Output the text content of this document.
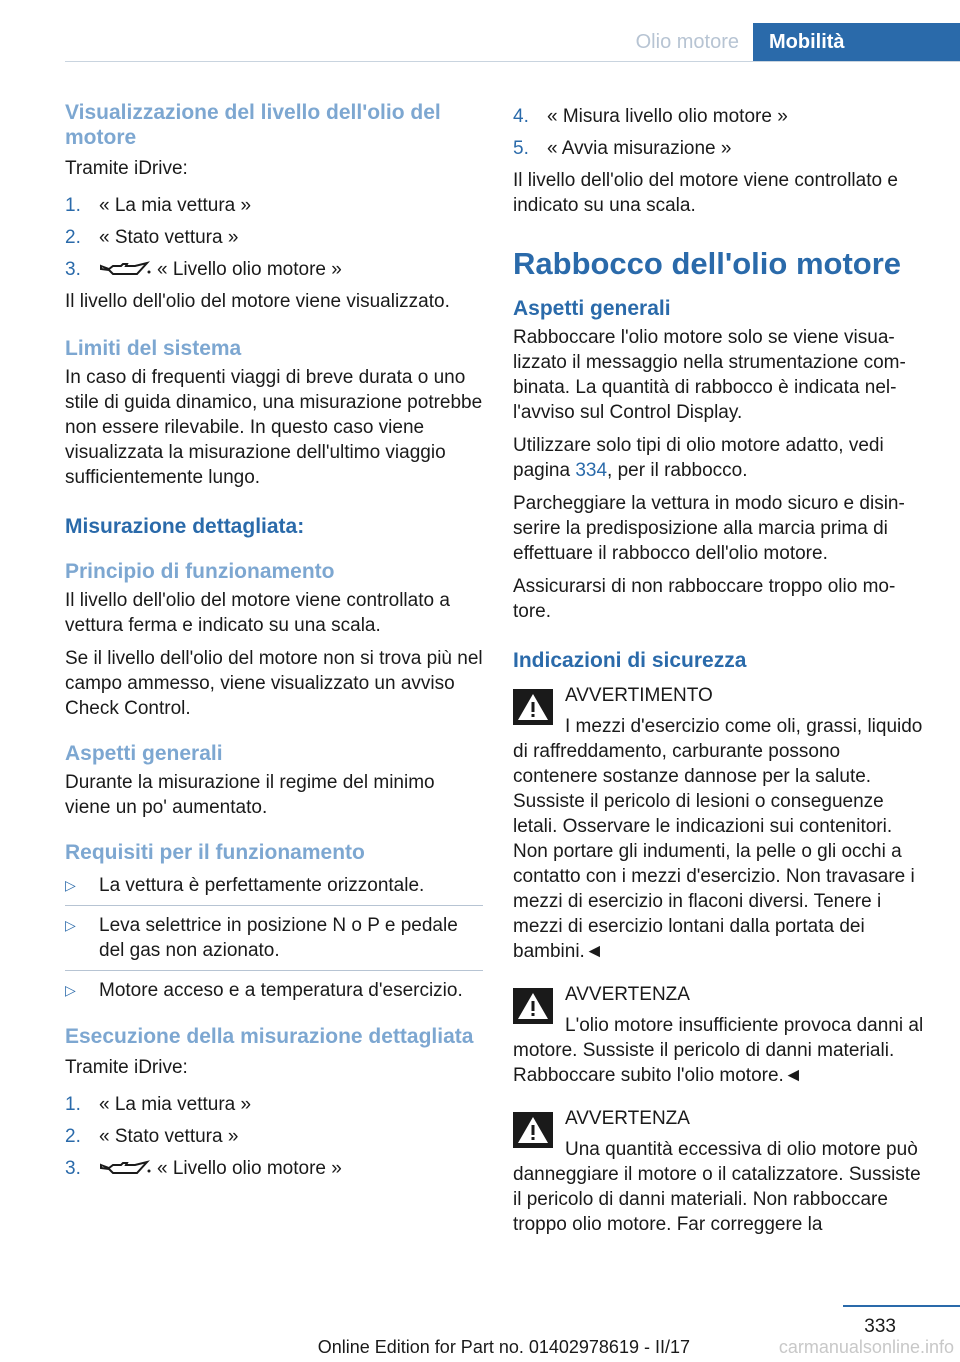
Olio motore	Mobilità
Visualizzazione del livello dell'olio del motore

Tramite iDrive:

1. « La mia vettura »
2. « Stato vettura »
3.	« Livello olio motore »

Il livello dell'olio del motore viene visualizzato.

Limiti del sistema

In caso di frequenti viaggi di breve durata o uno stile di guida dinamico, una misurazione potrebbe non essere rilevabile. In questo caso viene visualizzata la misurazione dell'ultimo viaggio sufficientemente lungo.

Misurazione dettagliata:
Principio di funzionamento

Il livello dell'olio del motore viene controllato a vettura ferma e indicato su una scala.

Se il livello dell'olio del motore non si trova più nel campo ammesso, viene visualizzato un avviso Check Control.

Aspetti generali

Durante la misurazione il regime del minimo viene un po' aumentato.

Requisiti per il funzionamento
▷	La vettura è perfettamente orizzontale.
▷	Leva selettrice in posizione N o P e pedale del gas non azionato.
▷	Motore acceso e a temperatura d'esercizio.
Esecuzione della misurazione dettagliata

Tramite iDrive:

1. « La mia vettura »
2. « Stato vettura »
3.	« Livello olio motore »
4. « Misura livello olio motore »
5. « Avvia misurazione »

Il livello dell'olio del motore viene controllato e indicato su una scala.

Rabbocco dell'olio motore
Aspetti generali

Rabboccare l'olio motore solo se viene visualizzato il messaggio nella strumentazione combinata. La quantità di rabbocco è indicata nell'avviso sul Control Display.

Utilizzare solo tipi di olio motore adatto, vedi pagina 334, per il rabbocco.

Parcheggiare la vettura in modo sicuro e disinserire la predisposizione alla marcia prima di effettuare il rabbocco dell'olio motore.

Assicurarsi di non rabboccare troppo olio motore.

Indicazioni di sicurezza
AVVERTIMENTO
I mezzi d'esercizio come oli, grassi, liquido di raffreddamento, carburante possono contenere sostanze dannose per la salute. Sussiste il pericolo di lesioni o conseguenze letali. Osservare le indicazioni sui contenitori. Non portare gli indumenti, la pelle o gli occhi a contatto con i mezzi d'esercizio. Non travasare i mezzi di esercizio in flaconi diversi. Tenere i mezzi di esercizio lontani dalla portata dei bambini.◄
AVVERTENZA
L'olio motore insufficiente provoca danni al motore. Sussiste il pericolo di danni materiali. Rabboccare subito l'olio motore.◄
AVVERTENZA
Una quantità eccessiva di olio motore può danneggiare il motore o il catalizzatore. Sussiste il pericolo di danni materiali. Non rabboccare troppo olio motore. Far correggere la
333
Online Edition for Part no. 01402978619 - II/17	carmanualsonline.info
